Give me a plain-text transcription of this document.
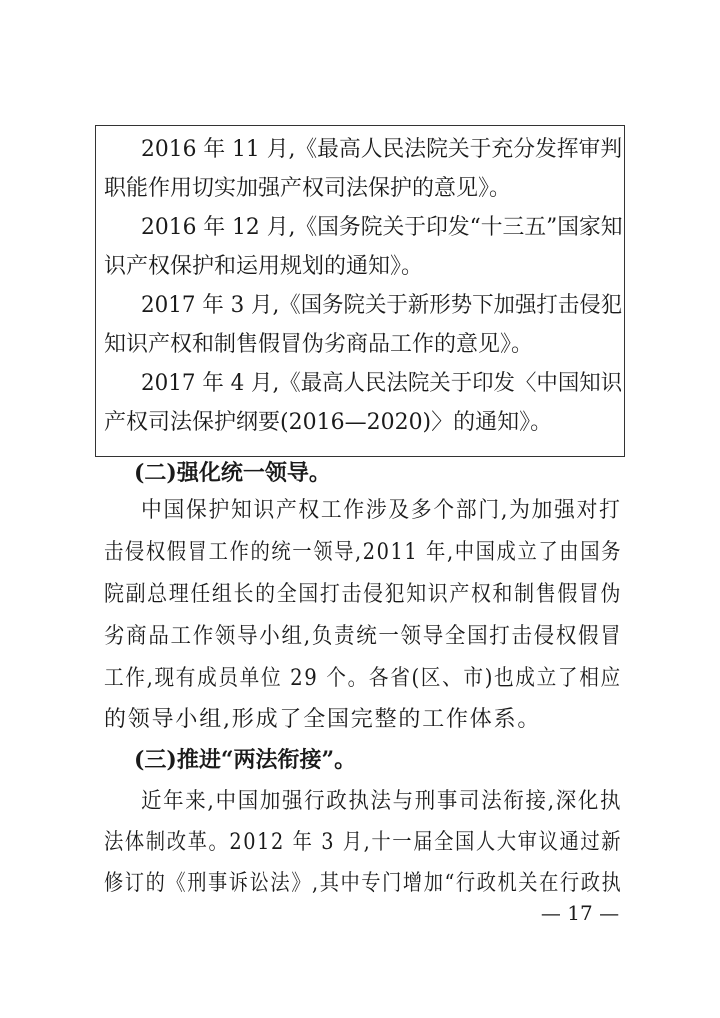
2016 年 11 月,《最高人民法院关于充分发挥审判
职能作用切实加强产权司法保护的意见》。
2016 年 12 月,《国务院关于印发“十三五”国家知
识产权保护和运用规划的通知》。
2017 年 3 月,《国务院关于新形势下加强打击侵犯
知识产权和制售假冒伪劣商品工作的意见》。
2017 年 4 月,《最高人民法院关于印发〈中国知识
产权司法保护纲要(2016—2020)〉的通知》。
(二)强化统一领导。
中国保护知识产权工作涉及多个部门,为加强对打
击侵权假冒工作的统一领导,2011 年,中国成立了由国务
院副总理任组长的全国打击侵犯知识产权和制售假冒伪
劣商品工作领导小组,负责统一领导全国打击侵权假冒
工作,现有成员单位 29 个。各省(区、市)也成立了相应
的领导小组,形成了全国完整的工作体系。
(三)推进“两法衔接”。
近年来,中国加强行政执法与刑事司法衔接,深化执
法体制改革。2012 年 3 月,十一届全国人大审议通过新
修订的《刑事诉讼法》,其中专门增加“行政机关在行政执
— 17 —
